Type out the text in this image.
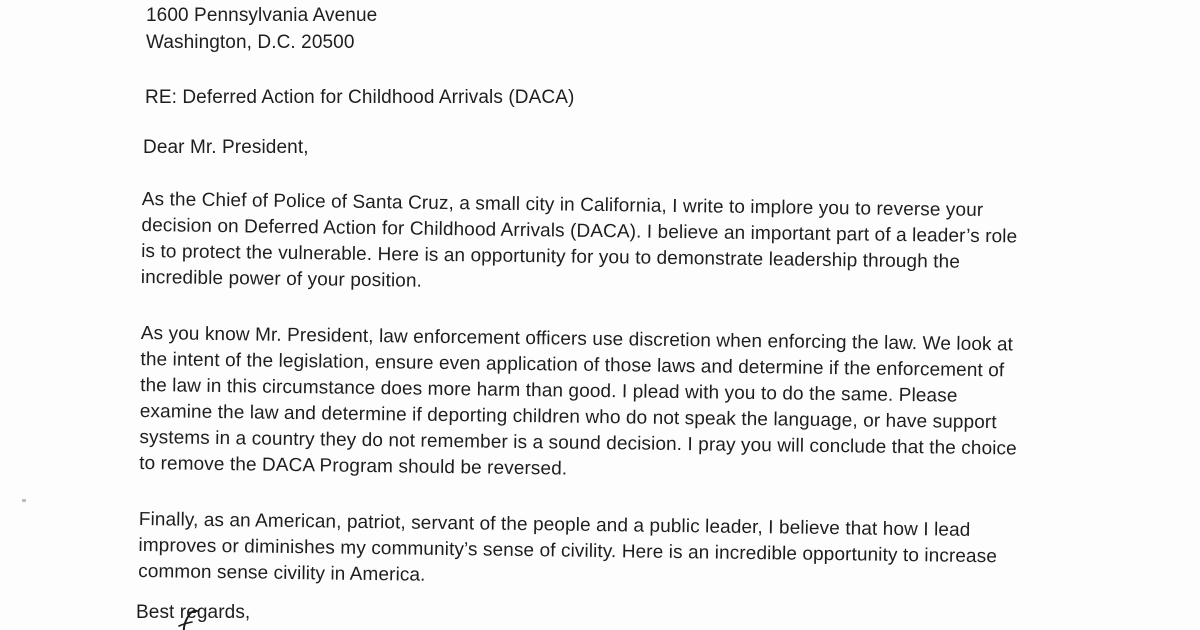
1600 Pennsylvania Avenue
Washington, D.C. 20500
RE: Deferred Action for Childhood Arrivals (DACA)
Dear Mr. President,
As the Chief of Police of Santa Cruz, a small city in California, I write to implore you to reverse your
decision on Deferred Action for Childhood Arrivals (DACA). I believe an important part of a leader’s role
is to protect the vulnerable. Here is an opportunity for you to demonstrate leadership through the
incredible power of your position.
As you know Mr. President, law enforcement officers use discretion when enforcing the law. We look at
the intent of the legislation, ensure even application of those laws and determine if the enforcement of
the law in this circumstance does more harm than good. I plead with you to do the same. Please
examine the law and determine if deporting children who do not speak the language, or have support
systems in a country they do not remember is a sound decision. I pray you will conclude that the choice
to remove the DACA Program should be reversed.
Finally, as an American, patriot, servant of the people and a public leader, I believe that how I lead
improves or diminishes my community’s sense of civility. Here is an incredible opportunity to increase
common sense civility in America.
Best regards,
